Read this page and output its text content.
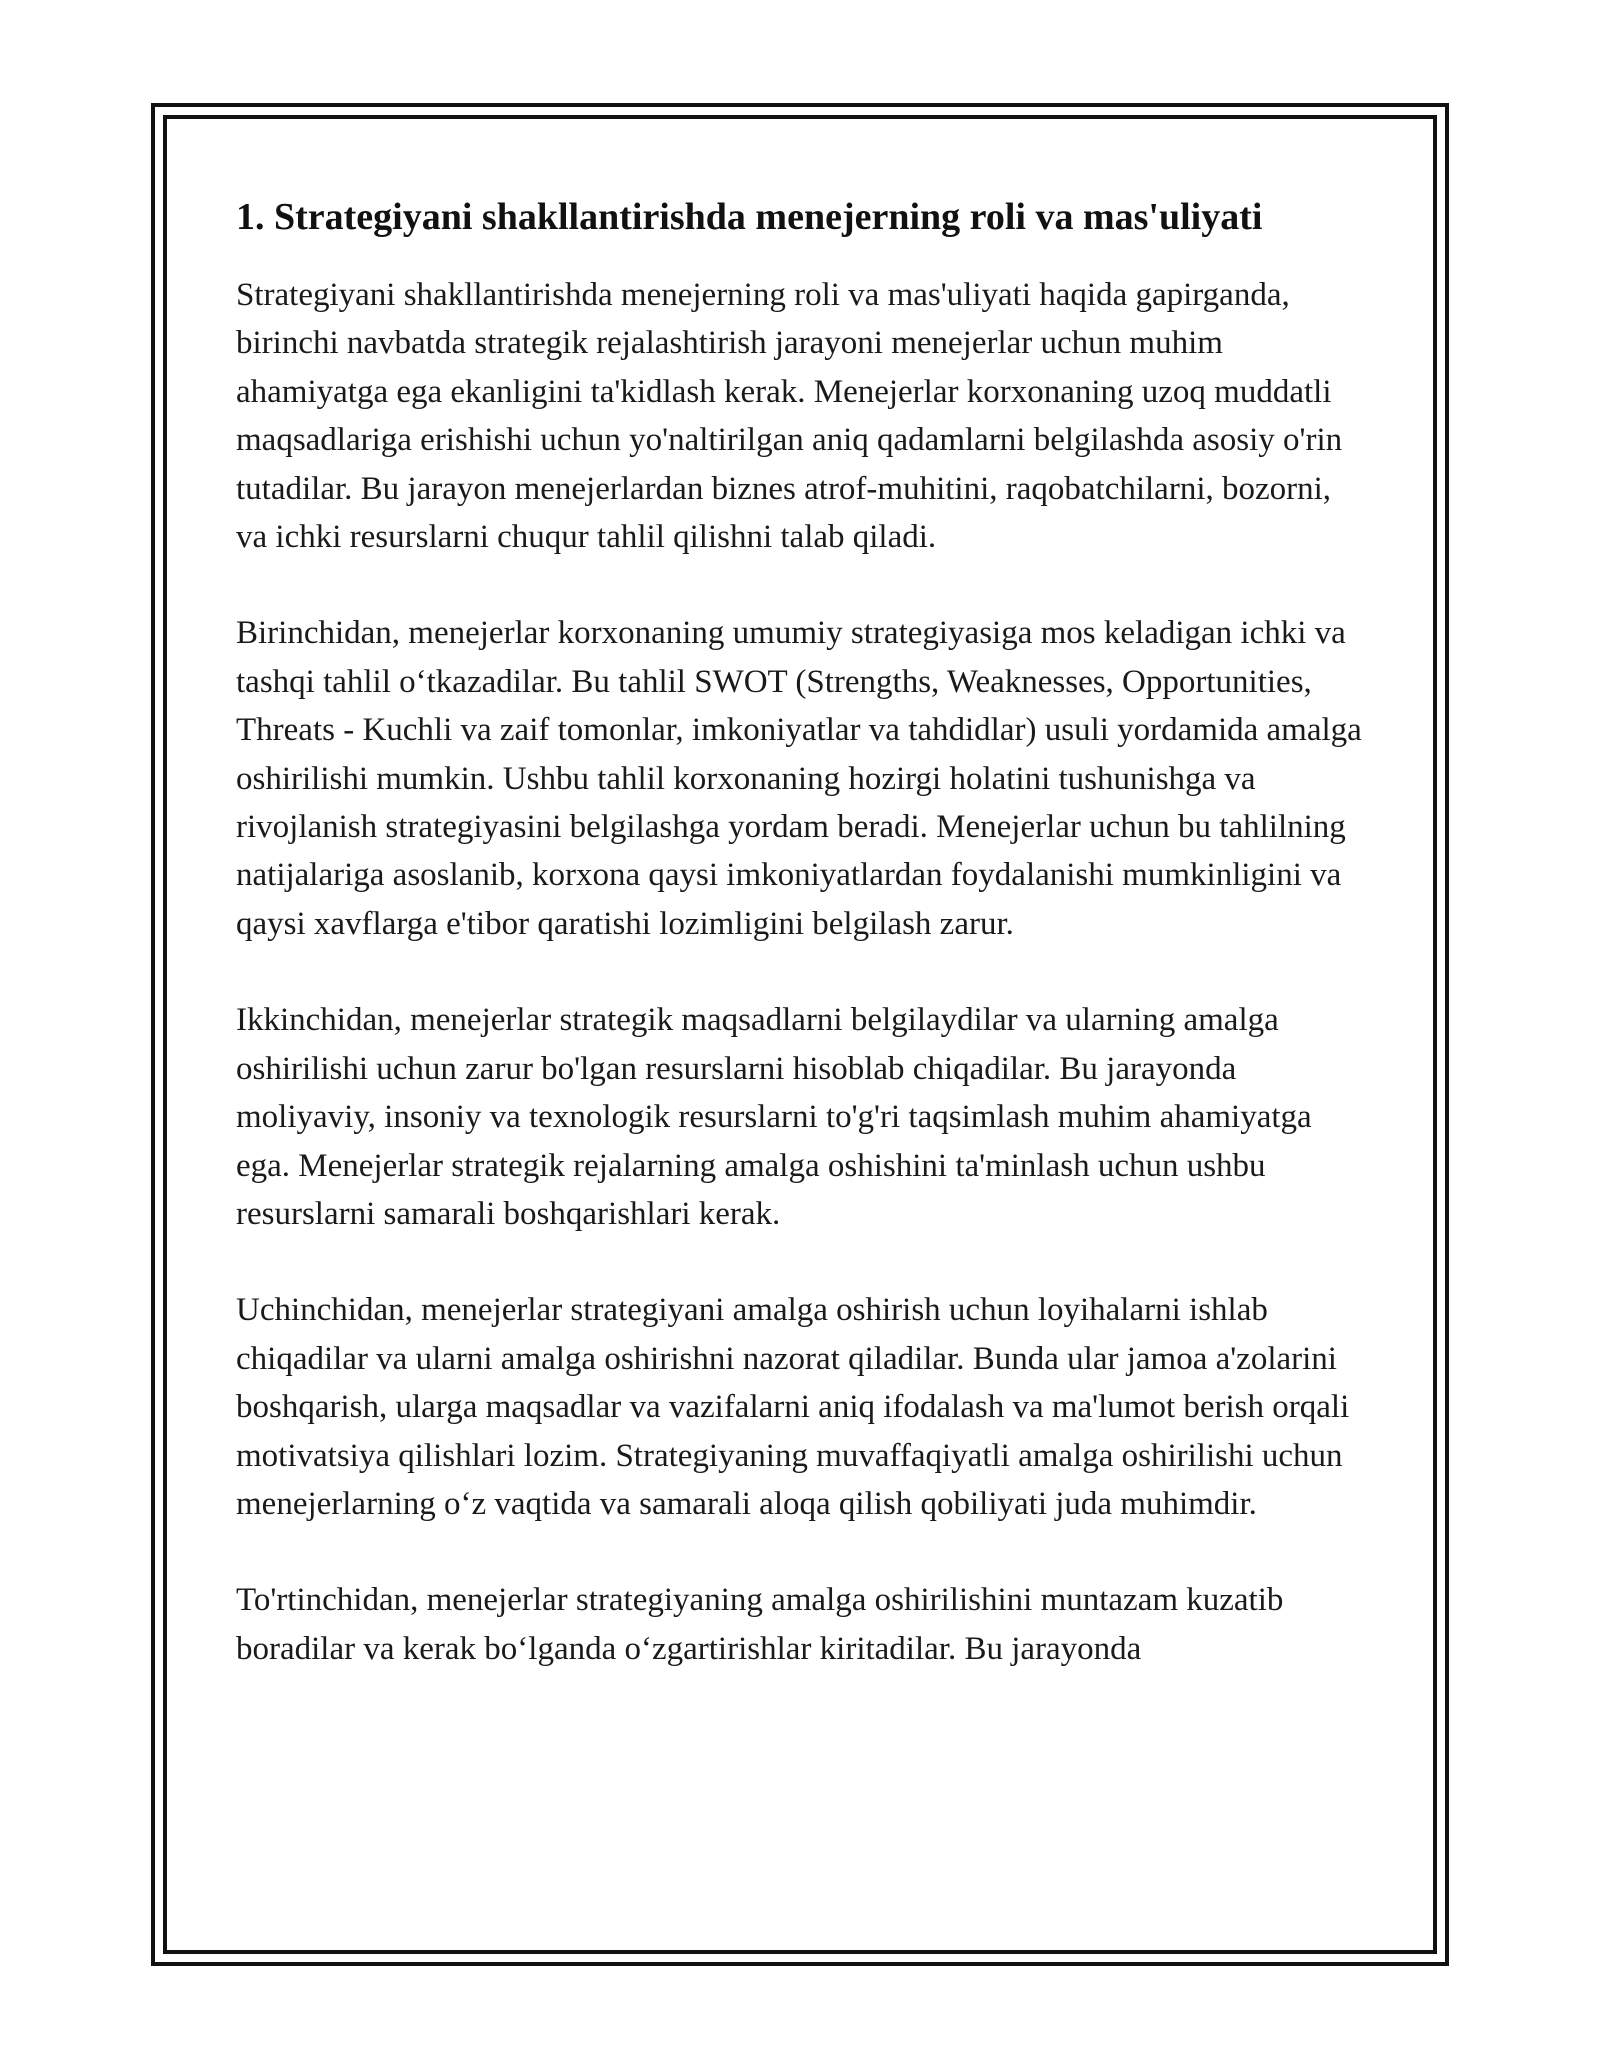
1. Strategiyani shakllantirishda menejerning roli va mas'uliyati

Strategiyani shakllantirishda menejerning roli va mas'uliyati haqida gapirganda, birinchi navbatda strategik rejalashtirish jarayoni menejerlar uchun muhim ahamiyatga ega ekanligini ta'kidlash kerak. Menejerlar korxonaning uzoq muddatli maqsadlariga erishishi uchun yo'naltirilgan aniq qadamlarni belgilashda asosiy o'rin tutadilar. Bu jarayon menejerlardan biznes atrof-muhitini, raqobatchilarni, bozorni, va ichki resurslarni chuqur tahlil qilishni talab qiladi.

Birinchidan, menejerlar korxonaning umumiy strategiyasiga mos keladigan ichki va tashqi tahlil o‘tkazadilar. Bu tahlil SWOT (Strengths, Weaknesses, Opportunities, Threats - Kuchli va zaif tomonlar, imkoniyatlar va tahdidlar) usuli yordamida amalga oshirilishi mumkin. Ushbu tahlil korxonaning hozirgi holatini tushunishga va rivojlanish strategiyasini belgilashga yordam beradi. Menejerlar uchun bu tahlilning natijalariga asoslanib, korxona qaysi imkoniyatlardan foydalanishi mumkinligini va qaysi xavflarga e'tibor qaratishi lozimligini belgilash zarur.

Ikkinchidan, menejerlar strategik maqsadlarni belgilaydilar va ularning amalga oshirilishi uchun zarur bo'lgan resurslarni hisoblab chiqadilar. Bu jarayonda moliyaviy, insoniy va texnologik resurslarni to'g'ri taqsimlash muhim ahamiyatga ega. Menejerlar strategik rejalarning amalga oshishini ta'minlash uchun ushbu resurslarni samarali boshqarishlari kerak.

Uchinchidan, menejerlar strategiyani amalga oshirish uchun loyihalarni ishlab chiqadilar va ularni amalga oshirishni nazorat qiladilar. Bunda ular jamoa a'zolarini boshqarish, ularga maqsadlar va vazifalarni aniq ifodalash va ma'lumot berish orqali motivatsiya qilishlari lozim. Strategiyaning muvaffaqiyatli amalga oshirilishi uchun menejerlarning o‘z vaqtida va samarali aloqa qilish qobiliyati juda muhimdir.

To'rtinchidan, menejerlar strategiyaning amalga oshirilishini muntazam kuzatib boradilar va kerak bo‘lganda o‘zgartirishlar kiritadilar. Bu jarayonda
